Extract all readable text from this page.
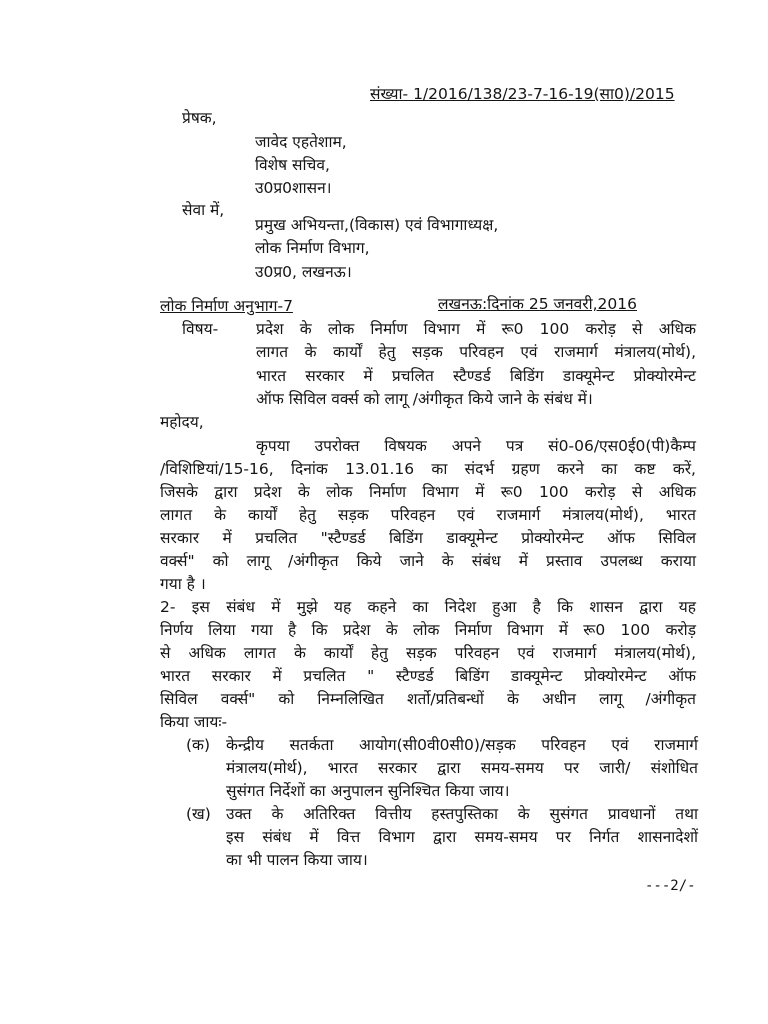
संख्या- 1/2016/138/23-7-16-19(सा0)/2015
प्रेषक,
जावेद एहतेशाम,
विशेष सचिव,
उ0प्र0शासन।
सेवा में,
प्रमुख अभियन्ता,(विकास) एवं विभागाध्यक्ष,
लोक निर्माण विभाग,
उ0प्र0, लखनऊ।
लोक निर्माण अनुभाग-7	लखनऊ:दिनांक 25 जनवरी,2016
विषय- प्रदेश के लोक निर्माण विभाग में रू0 100 करोड़ से अधिक
लागत के कार्यों हेतु सड़क परिवहन एवं राजमार्ग मंत्रालय(मोर्थ),
भारत सरकार में प्रचलित स्टैण्डर्ड बिडिंग डाक्यूमेन्ट प्रोक्योरमेन्ट
ऑफ सिविल वर्क्स को लागू /अंगीकृत किये जाने के संबंध में।
महोदय,
कृपया उपरोक्त विषयक अपने पत्र सं0-06/एस0ई0(पी)कैम्प
/विशिष्टियां/15-16, दिनांक 13.01.16 का संदर्भ ग्रहण करने का कष्ट करें,
जिसके द्वारा प्रदेश के लोक निर्माण विभाग में रू0 100 करोड़ से अधिक
लागत के कार्यों हेतु सड़क परिवहन एवं राजमार्ग मंत्रालय(मोर्थ), भारत
सरकार में प्रचलित "स्टैण्डर्ड बिडिंग डाक्यूमेन्ट प्रोक्योरमेन्ट ऑफ सिविल
वर्क्स" को लागू /अंगीकृत किये जाने के संबंध में प्रस्ताव उपलब्ध कराया
गया है ।
2- इस संबंध में मुझे यह कहने का निदेश हुआ है कि शासन द्वारा यह
निर्णय लिया गया है कि प्रदेश के लोक निर्माण विभाग में रू0 100 करोड़
से अधिक लागत के कार्यों हेतु सड़क परिवहन एवं राजमार्ग मंत्रालय(मोर्थ),
भारत सरकार में प्रचलित " स्टैण्डर्ड बिडिंग डाक्यूमेन्ट प्रोक्योरमेन्ट ऑफ
सिविल वर्क्स" को निम्नलिखित शर्तो/प्रतिबन्धों के अधीन लागू /अंगीकृत
किया जायः-
(क) केन्द्रीय सतर्कता आयोग(सी0वी0सी0)/सड़क परिवहन एवं राजमार्ग
मंत्रालय(मोर्थ), भारत सरकार द्वारा समय-समय पर जारी/ संशोधित
सुसंगत निर्देशों का अनुपालन सुनिश्चित किया जाय।
(ख) उक्त के अतिरिक्त वित्तीय हस्तपुस्तिका के सुसंगत प्रावधानों तथा
इस संबंध में वित्त विभाग द्वारा समय-समय पर निर्गत शासनादेशों
का भी पालन किया जाय।
---2/-
